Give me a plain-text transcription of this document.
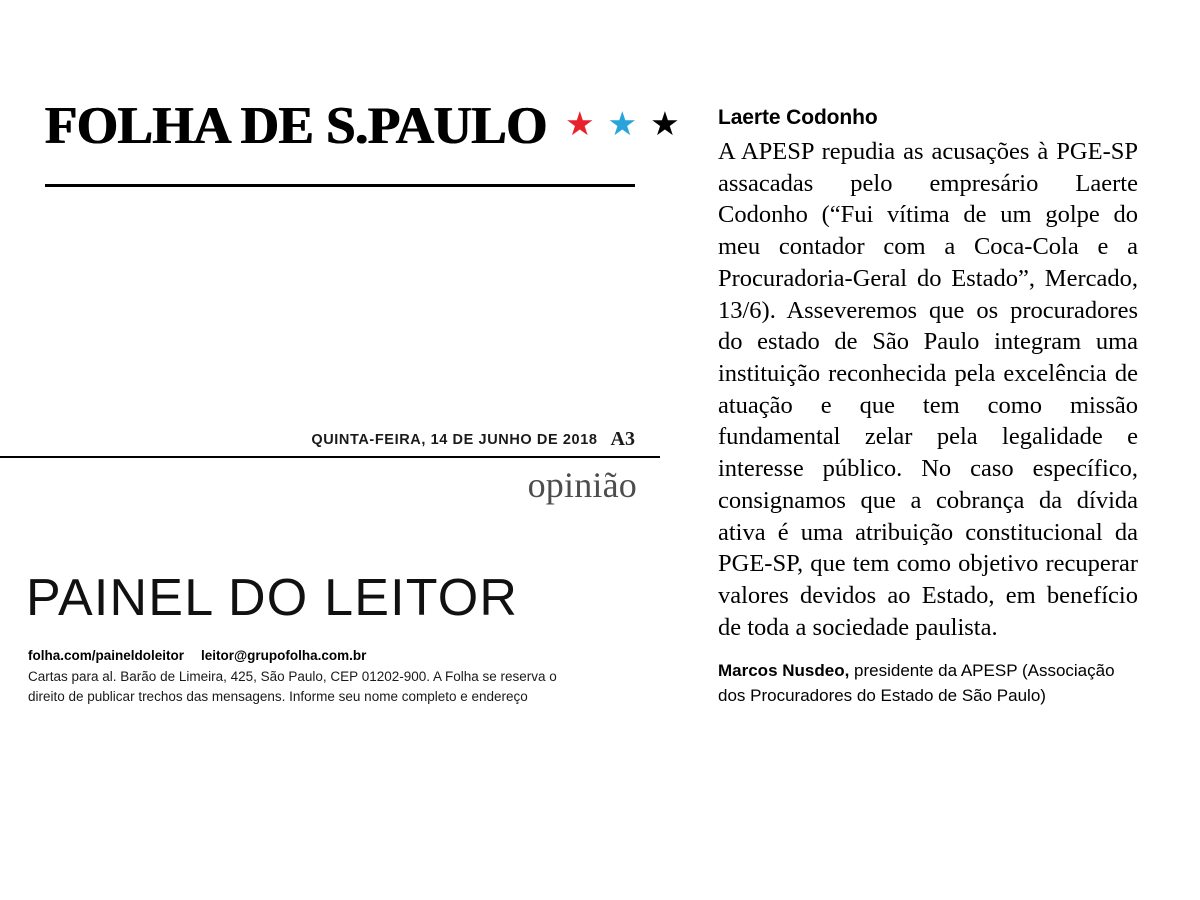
FOLHA DE S.PAULO ★ ★ ★
QUINTA-FEIRA, 14 DE JUNHO DE 2018 A3
opinião
PAINEL DO LEITOR
folha.com/paineldoleitor leitor@grupofolha.com.br
Cartas para al. Barão de Limeira, 425, São Paulo, CEP 01202-900. A Folha se reserva o direito de publicar trechos das mensagens. Informe seu nome completo e endereço
Laerte Codonho

A APESP repudia as acusações à PGE-SP assacadas pelo empresário Laerte Codonho (“Fui vítima de um golpe do meu contador com a Coca-Cola e a Procuradoria-Geral do Estado”, Mercado, 13/6). Asseveremos que os procuradores do estado de São Paulo integram uma instituição reconhecida pela excelência de atuação e que tem como missão fundamental zelar pela legalidade e interesse público. No caso específico, consignamos que a cobrança da dívida ativa é uma atribuição constitucional da PGE-SP, que tem como objetivo recuperar valores devidos ao Estado, em benefício de toda a sociedade paulista.

Marcos Nusdeo, presidente da APESP (Associação dos Procuradores do Estado de São Paulo)
